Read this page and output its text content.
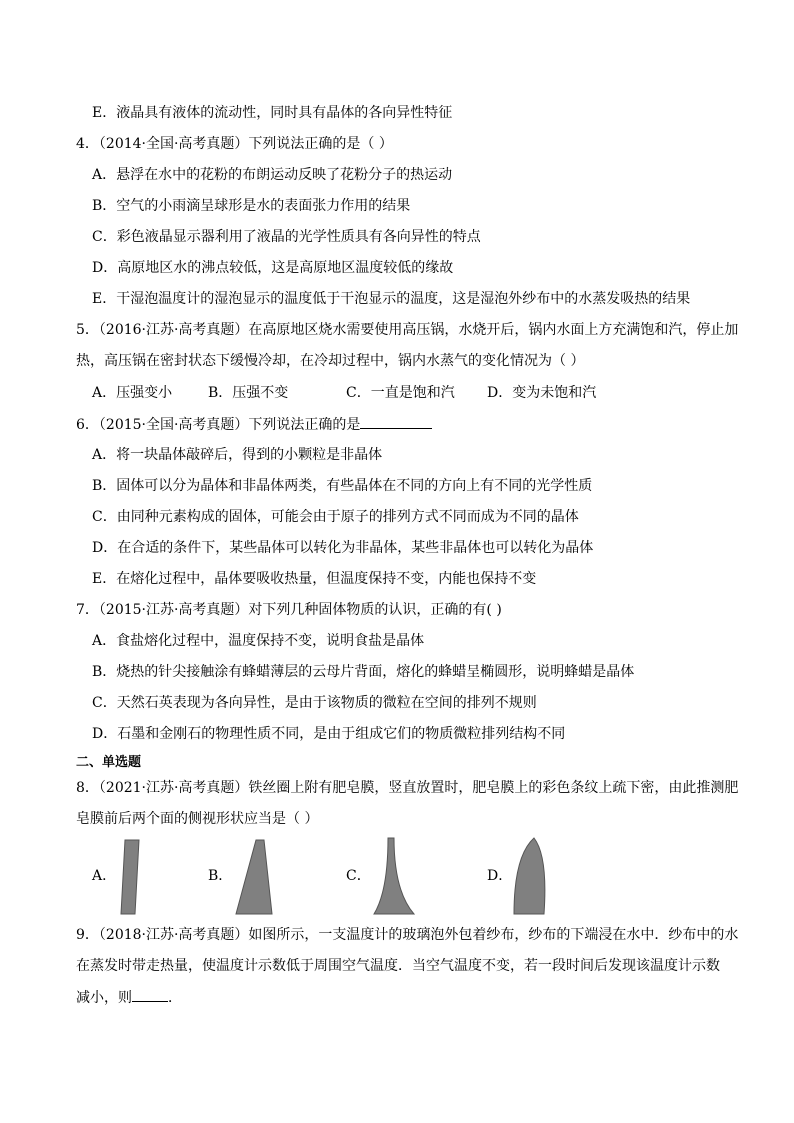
E．液晶具有液体的流动性，同时具有晶体的各向异性特征
4．（2014·全国·高考真题）下列说法正确的是（ ）
A．悬浮在水中的花粉的布朗运动反映了花粉分子的热运动
B．空气的小雨滴呈球形是水的表面张力作用的结果
C．彩色液晶显示器利用了液晶的光学性质具有各向异性的特点
D．高原地区水的沸点较低，这是高原地区温度较低的缘故
E．干湿泡温度计的湿泡显示的温度低于干泡显示的温度，这是湿泡外纱布中的水蒸发吸热的结果
5．（2016·江苏·高考真题）在高原地区烧水需要使用高压锅，水烧开后，锅内水面上方充满饱和汽，停止加
热，高压锅在密封状态下缓慢冷却，在冷却过程中，锅内水蒸气的变化情况为（ ）
A．压强变小	B．压强不变	C．一直是饱和汽 D．变为未饱和汽
6．（2015·全国·高考真题）下列说法正确的是
A．将一块晶体敲碎后，得到的小颗粒是非晶体
B．固体可以分为晶体和非晶体两类，有些晶体在不同的方向上有不同的光学性质
C．由同种元素构成的固体，可能会由于原子的排列方式不同而成为不同的晶体
D．在合适的条件下，某些晶体可以转化为非晶体，某些非晶体也可以转化为晶体
E．在熔化过程中，晶体要吸收热量，但温度保持不变，内能也保持不变
7．（2015·江苏·高考真题）对下列几种固体物质的认识，正确的有( )
A．食盐熔化过程中，温度保持不变，说明食盐是晶体
B．烧热的针尖接触涂有蜂蜡薄层的云母片背面，熔化的蜂蜡呈椭圆形，说明蜂蜡是晶体
C．天然石英表现为各向异性，是由于该物质的微粒在空间的排列不规则
D．石墨和金刚石的物理性质不同，是由于组成它们的物质微粒排列结构不同
二、单选题
8．（2021·江苏·高考真题）铁丝圈上附有肥皂膜，竖直放置时，肥皂膜上的彩色条纹上疏下密，由此推测肥
皂膜前后两个面的侧视形状应当是（ ）
A．	B．	C．	D．
9．（2018·江苏·高考真题）如图所示，一支温度计的玻璃泡外包着纱布，纱布的下端浸在水中．纱布中的水
在蒸发时带走热量，使温度计示数低于周围空气温度．当空气温度不变，若一段时间后发现该温度计示数
减小，则	．
